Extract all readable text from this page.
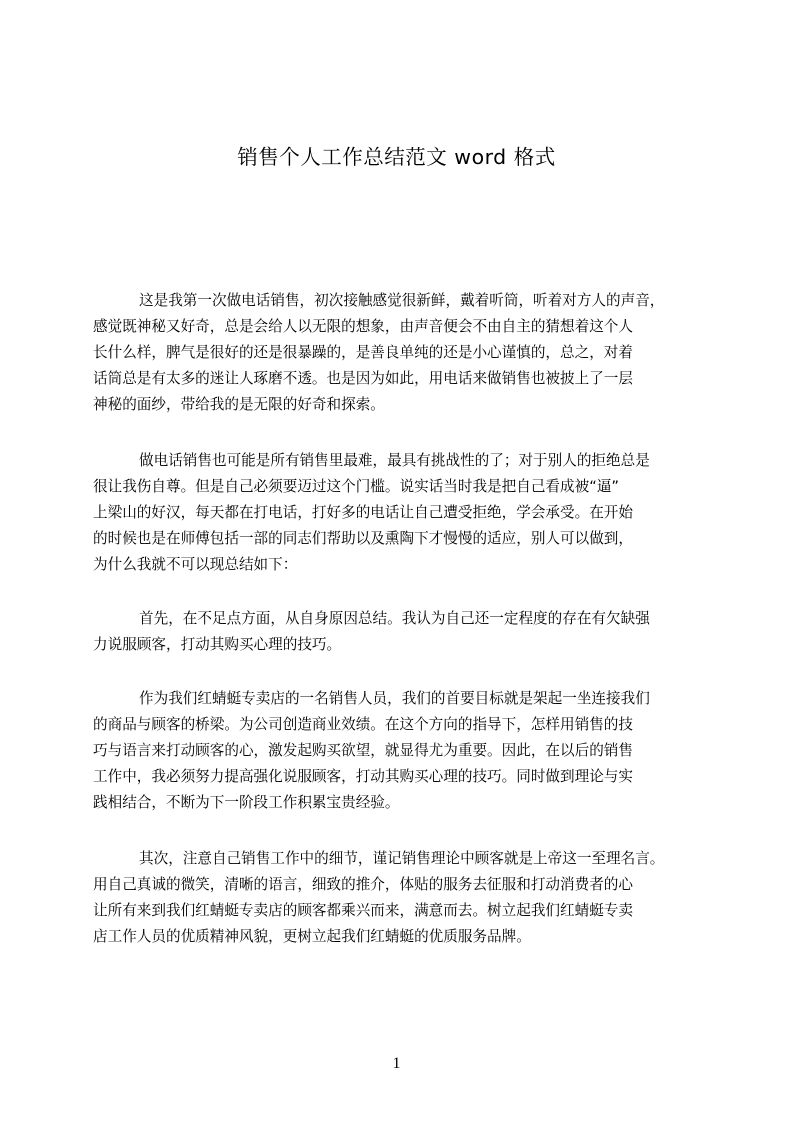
销售个人工作总结范文 word 格式
这是我第一次做电话销售，初次接触感觉很新鲜，戴着听筒，听着对方人的声音，
感觉既神秘又好奇，总是会给人以无限的想象，由声音便会不由自主的猜想着这个人
长什么样，脾气是很好的还是很暴躁的，是善良单纯的还是小心谨慎的，总之，对着
话筒总是有太多的迷让人琢磨不透。也是因为如此，用电话来做销售也被披上了一层
神秘的面纱，带给我的是无限的好奇和探索。
做电话销售也可能是所有销售里最难，最具有挑战性的了；对于别人的拒绝总是
很让我伤自尊。但是自己必须要迈过这个门槛。说实话当时我是把自己看成被“逼”
上梁山的好汉，每天都在打电话，打好多的电话让自己遭受拒绝，学会承受。在开始
的时候也是在师傅包括一部的同志们帮助以及熏陶下才慢慢的适应，别人可以做到，
为什么我就不可以现总结如下：
首先，在不足点方面，从自身原因总结。我认为自己还一定程度的存在有欠缺强
力说服顾客，打动其购买心理的技巧。
作为我们红蜻蜓专卖店的一名销售人员，我们的首要目标就是架起一坐连接我们
的商品与顾客的桥梁。为公司创造商业效绩。在这个方向的指导下，怎样用销售的技
巧与语言来打动顾客的心，激发起购买欲望，就显得尤为重要。因此，在以后的销售
工作中，我必须努力提高强化说服顾客，打动其购买心理的技巧。同时做到理论与实
践相结合，不断为下一阶段工作积累宝贵经验。
其次，注意自己销售工作中的细节，谨记销售理论中顾客就是上帝这一至理名言。
用自己真诚的微笑，清晰的语言，细致的推介，体贴的服务去征服和打动消费者的心
让所有来到我们红蜻蜓专卖店的顾客都乘兴而来，满意而去。树立起我们红蜻蜓专卖
店工作人员的优质精神风貌，更树立起我们红蜻蜓的优质服务品牌。
1
